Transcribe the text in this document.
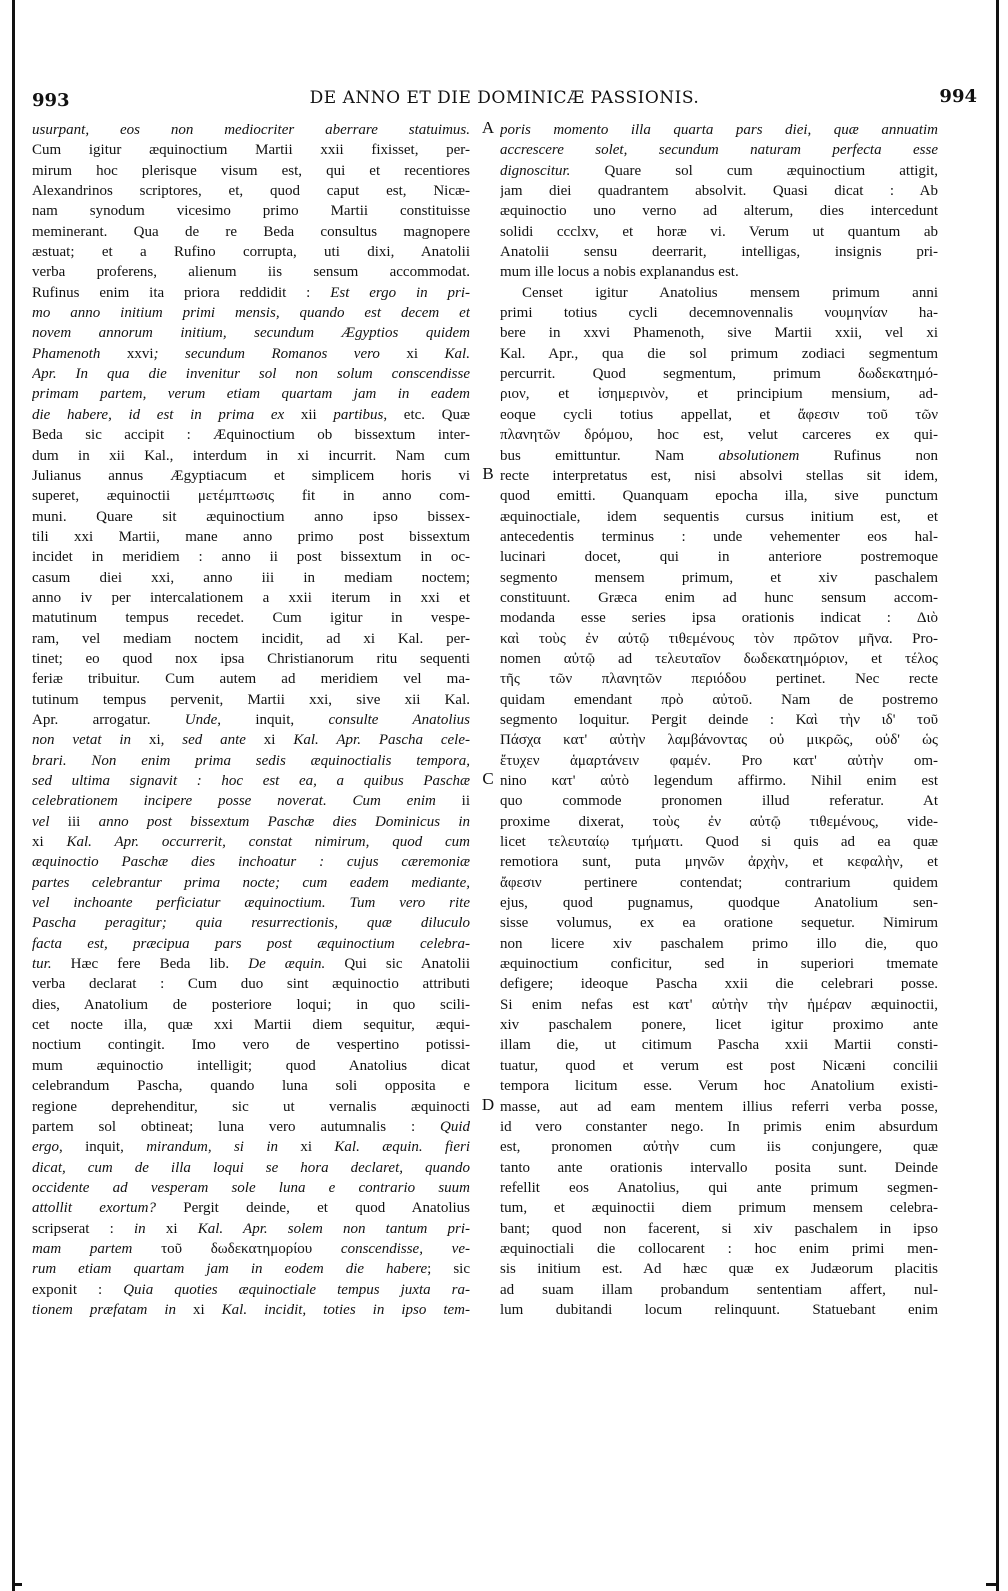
993	DE ANNO ET DIE DOMINICÆ PASSIONIS.	994
usurpant, eos non mediocriter aberrare statuimus.
Cum igitur æquinoctium Martii xxii fixisset, per-
mirum hoc plerisque visum est, qui et recentiores
Alexandrinos scriptores, et, quod caput est, Nicæ-
nam synodum vicesimo primo Martii constituisse
meminerant. Qua de re Beda consultus magnopere
æstuat; et a Rufino corrupta, uti dixi, Anatolii
verba proferens, alienum iis sensum accommodat.
Rufinus enim ita priora reddidit : Est ergo in pri-
mo anno initium primi mensis, quando est decem et
novem annorum initium, secundum Ægyptios quidem
Phamenoth xxvi; secundum Romanos vero xi Kal.
Apr. In qua die invenitur sol non solum conscendisse
primam partem, verum etiam quartam jam in eadem
die habere, id est in prima ex xii partibus, etc. Quæ
Beda sic accipit : Æquinoctium ob bissextum inter-
dum in xii Kal., interdum in xi incurrit. Nam cum
Julianus annus Ægyptiacum et simplicem horis vi
superet, æquinoctii μετέμπτωσις fit in anno com-
muni. Quare sit æquinoctium anno ipso bissex-
tili xxi Martii, mane anno primo post bissextum
incidet in meridiem : anno ii post bissextum in oc-
casum diei xxi, anno iii in mediam noctem;
anno iv per intercalationem a xxii iterum in xxi et
matutinum tempus recedet. Cum igitur in vespe-
ram, vel mediam noctem incidit, ad xi Kal. per-
tinet; eo quod nox ipsa Christianorum ritu sequenti
feriæ tribuitur. Cum autem ad meridiem vel ma-
tutinum tempus pervenit, Martii xxi, sive xii Kal.
Apr. arrogatur. Unde, inquit, consulte Anatolius
non vetat in xi, sed ante xi Kal. Apr. Pascha cele-
brari. Non enim prima sedis æquinoctialis tempora,
sed ultima signavit : hoc est ea, a quibus Paschæ
celebrationem incipere posse noverat. Cum enim ii
vel iii anno post bissextum Paschæ dies Dominicus in
xi Kal. Apr. occurrerit, constat nimirum, quod cum
æquinoctio Paschæ dies inchoatur : cujus cæremoniæ
partes celebrantur prima nocte; cum eadem mediante,
vel inchoante perficiatur æquinoctium. Tum vero rite
Pascha peragitur; quia resurrectionis, quæ diluculo
facta est, præcipua pars post æquinoctium celebra-
tur. Hæc fere Beda lib. De æquin. Qui sic Anatolii
verba declarat : Cum duo sint æquinoctio attributi
dies, Anatolium de posteriore loqui; in quo scili-
cet nocte illa, quæ xxi Martii diem sequitur, æqui-
noctium contingit. Imo vero de vespertino potissi-
mum æquinoctio intelligit; quod Anatolius dicat
celebrandum Pascha, quando luna soli opposita e
regione deprehenditur, sic ut vernalis æquinocti
partem sol obtineat; luna vero autumnalis : Quid
ergo, inquit, mirandum, si in xi Kal. æquin. fieri
dicat, cum de illa loqui se hora declaret, quando
occidente ad vesperam sole luna e contrario suum
attollit exortum? Pergit deinde, et quod Anatolius
scripserat : in xi Kal. Apr. solem non tantum pri-
mam partem τοῦ δωδεκατημορίου conscendisse, ve-
rum etiam quartam jam in eodem die habere; sic
exponit : Quia quoties æquinoctiale tempus juxta ra-
tionem præfatam in xi Kal. incidit, toties in ipso tem-
A
B
C
D
poris momento illa quarta pars diei, quæ annuatim
accrescere solet, secundum naturam perfecta esse
dignoscitur. Quare sol cum æquinoctium attigit,
jam diei quadrantem absolvit. Quasi dicat : Ab
æquinoctio uno verno ad alterum, dies intercedunt
solidi ccclxv, et horæ vi. Verum ut quantum ab
Anatolii sensu deerrarit, intelligas, insignis pri-
mum ille locus a nobis explanandus est.
Censet igitur Anatolius mensem primum anni
primi totius cycli decemnovennalis νουμηνίαν ha-
bere in xxvi Phamenoth, sive Martii xxii, vel xi
Kal. Apr., qua die sol primum zodiaci segmentum
percurrit. Quod segmentum, primum δωδεκατημό-
ριον, et ἰσημερινὸν, et principium mensium, ad-
eoque cycli totius appellat, et ἄφεσιν τοῦ τῶν
πλανητῶν δρόμου, hoc est, velut carceres ex qui-
bus emittuntur. Nam absolutionem Rufinus non
recte interpretatus est, nisi absolvi stellas sit idem,
quod emitti. Quanquam epocha illa, sive punctum
æquinoctiale, idem sequentis cursus initium est, et
antecedentis terminus : unde vehementer eos hal-
lucinari docet, qui in anteriore postremoque
segmento mensem primum, et xiv paschalem
constituunt. Græca enim ad hunc sensum accom-
modanda esse series ipsa orationis indicat : Διὸ
καὶ τοὺς ἐν αὐτῷ τιθεμένους τὸν πρῶτον μῆνα. Pro-
nomen αὐτῷ ad τελευταῖον δωδεκατημόριον, et τέλος
τῆς τῶν πλανητῶν περιόδου pertinet. Nec recte
quidam emendant πρὸ αὐτοῦ. Nam de postremo
segmento loquitur. Pergit deinde : Καὶ τὴν ιδ' τοῦ
Πάσχα κατ' αὐτὴν λαμβάνοντας οὐ μικρῶς, οὐδ' ὡς
ἔτυχεν ἁμαρτάνειν φαμέν. Pro κατ' αὐτὴν om-
nino κατ' αὐτὸ legendum affirmo. Nihil enim est
quo commode pronomen illud referatur. At
proxime dixerat, τοὺς ἐν αὐτῷ τιθεμένους, vide-
licet τελευταίῳ τμήματι. Quod si quis ad ea quæ
remotiora sunt, puta μηνῶν ἀρχὴν, et κεφαλὴν, et
ἄφεσιν pertinere contendat; contrarium quidem
ejus, quod pugnamus, quodque Anatolium sen-
sisse volumus, ex ea oratione sequetur. Nimirum
non licere xiv paschalem primo illo die, quo
æquinoctium conficitur, sed in superiori tmemate
defigere; ideoque Pascha xxii die celebrari posse.
Si enim nefas est κατ' αὐτὴν τὴν ἡμέραν æquinoctii,
xiv paschalem ponere, licet igitur proximo ante
illam die, ut citimum Pascha xxii Martii consti-
tuatur, quod et verum est post Nicæni concilii
tempora licitum esse. Verum hoc Anatolium existi-
masse, aut ad eam mentem illius referri verba posse,
id vero constanter nego. In primis enim absurdum
est, pronomen αὐτὴν cum iis conjungere, quæ
tanto ante orationis intervallo posita sunt. Deinde
refellit eos Anatolius, qui ante primum segmen-
tum, et æquinoctii diem primum mensem celebra-
bant; quod non facerent, si xiv paschalem in ipso
æquinoctiali die collocarent : hoc enim primi men-
sis initium est. Ad hæc quæ ex Judæorum placitis
ad suam illam probandum sententiam affert, nul-
lum dubitandi locum relinquunt. Statuebant enim
